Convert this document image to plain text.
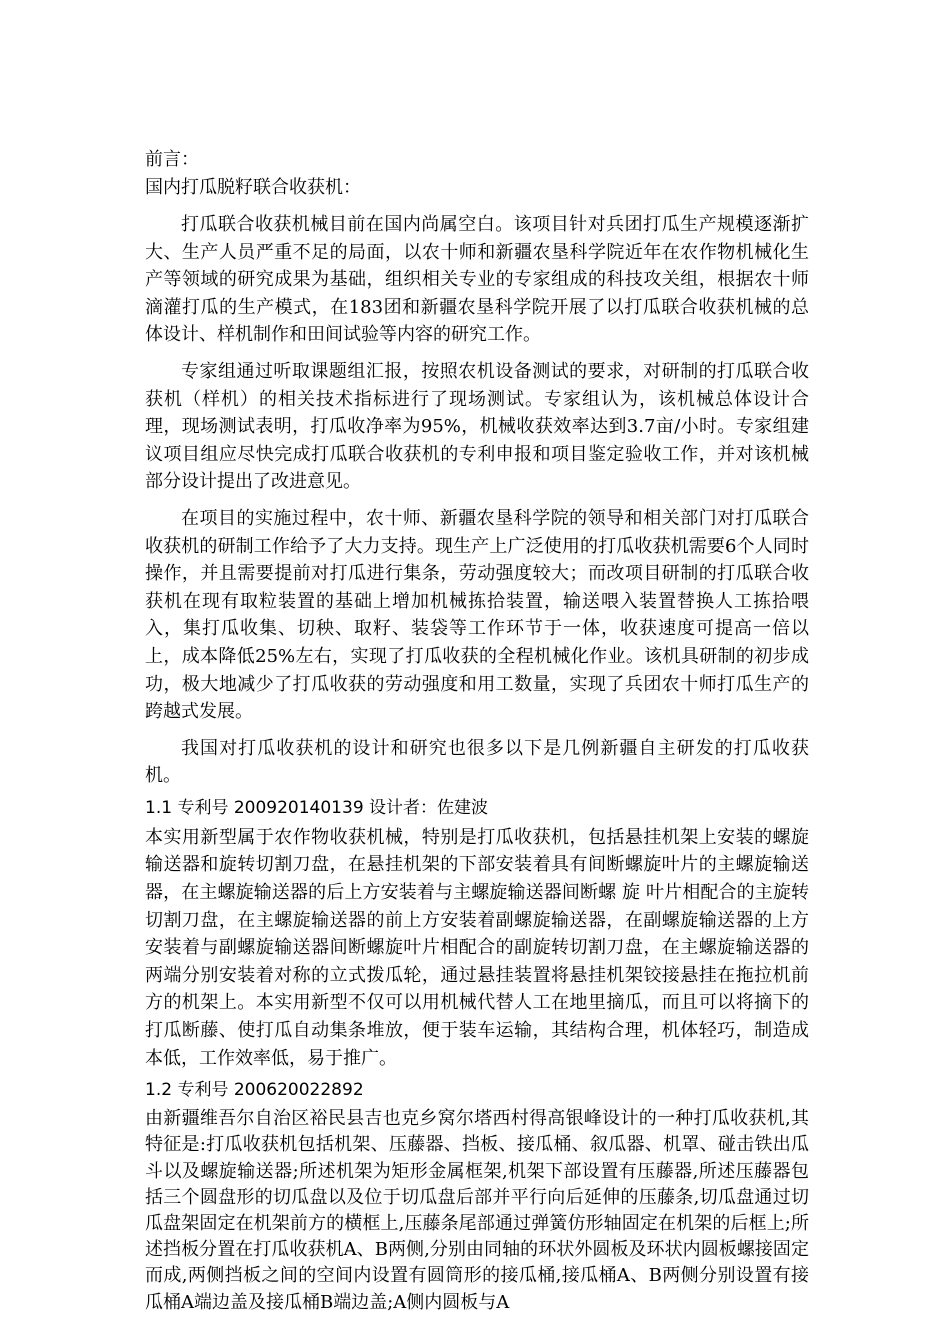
前言：

国内打瓜脱籽联合收获机：

打瓜联合收获机械目前在国内尚属空白。该项目针对兵团打瓜生产规模逐渐扩大、生产人员严重不足的局面，以农十师和新疆农垦科学院近年在农作物机械化生产等领域的研究成果为基础，组织相关专业的专家组成的科技攻关组，根据农十师滴灌打瓜的生产模式，在183团和新疆农垦科学院开展了以打瓜联合收获机械的总体设计、样机制作和田间试验等内容的研究工作。

专家组通过听取课题组汇报，按照农机设备测试的要求，对研制的打瓜联合收获机（样机）的相关技术指标进行了现场测试。专家组认为，该机械总体设计合理，现场测试表明，打瓜收净率为95%，机械收获效率达到3.7亩/小时。专家组建议项目组应尽快完成打瓜联合收获机的专利申报和项目鉴定验收工作，并对该机械部分设计提出了改进意见。

在项目的实施过程中，农十师、新疆农垦科学院的领导和相关部门对打瓜联合收获机的研制工作给予了大力支持。现生产上广泛使用的打瓜收获机需要6个人同时操作，并且需要提前对打瓜进行集条，劳动强度较大；而改项目研制的打瓜联合收获机在现有取粒装置的基础上增加机械拣拾装置，输送喂入装置替换人工拣拾喂入，集打瓜收集、切秧、取籽、装袋等工作环节于一体，收获速度可提高一倍以上，成本降低25%左右，实现了打瓜收获的全程机械化作业。该机具研制的初步成功，极大地减少了打瓜收获的劳动强度和用工数量，实现了兵团农十师打瓜生产的跨越式发展。

我国对打瓜收获机的设计和研究也很多以下是几例新疆自主研发的打瓜收获机。

1.1 专利号 200920140139 设计者：佐建波

本实用新型属于农作物收获机械，特别是打瓜收获机，包括悬挂机架上安装的螺旋输送器和旋转切割刀盘，在悬挂机架的下部安装着具有间断螺旋叶片的主螺旋输送器，在主螺旋输送器的后上方安装着与主螺旋输送器间断螺 旋 叶片相配合的主旋转切割刀盘，在主螺旋输送器的前上方安装着副螺旋输送器，在副螺旋输送器的上方安装着与副螺旋输送器间断螺旋叶片相配合的副旋转切割刀盘，在主螺旋输送器的两端分别安装着对称的立式拨瓜轮，通过悬挂装置将悬挂机架铰接悬挂在拖拉机前方的机架上。本实用新型不仅可以用机械代替人工在地里摘瓜，而且可以将摘下的打瓜断藤、使打瓜自动集条堆放，便于装车运输，其结构合理，机体轻巧，制造成本低，工作效率低，易于推广。

1.2 专利号 200620022892

由新疆维吾尔自治区裕民县吉也克乡窝尔塔西村得高银峰设计的一种打瓜收获机,其特征是:打瓜收获机包括机架、压藤器、挡板、接瓜桶、叙瓜器、机罩、碰击铁出瓜斗以及螺旋输送器;所述机架为矩形金属框架,机架下部设置有压藤器,所述压藤器包括三个圆盘形的切瓜盘以及位于切瓜盘后部并平行向后延伸的压藤条,切瓜盘通过切瓜盘架固定在机架前方的横框上,压藤条尾部通过弹簧仿形轴固定在机架的后框上;所述挡板分置在打瓜收获机A、B两侧,分别由同轴的环状外圆板及环状内圆板螺接固定而成,两侧挡板之间的空间内设置有圆筒形的接瓜桶,接瓜桶A、B两侧分别设置有接瓜桶A端边盖及接瓜桶B端边盖;A侧内圆板与A
